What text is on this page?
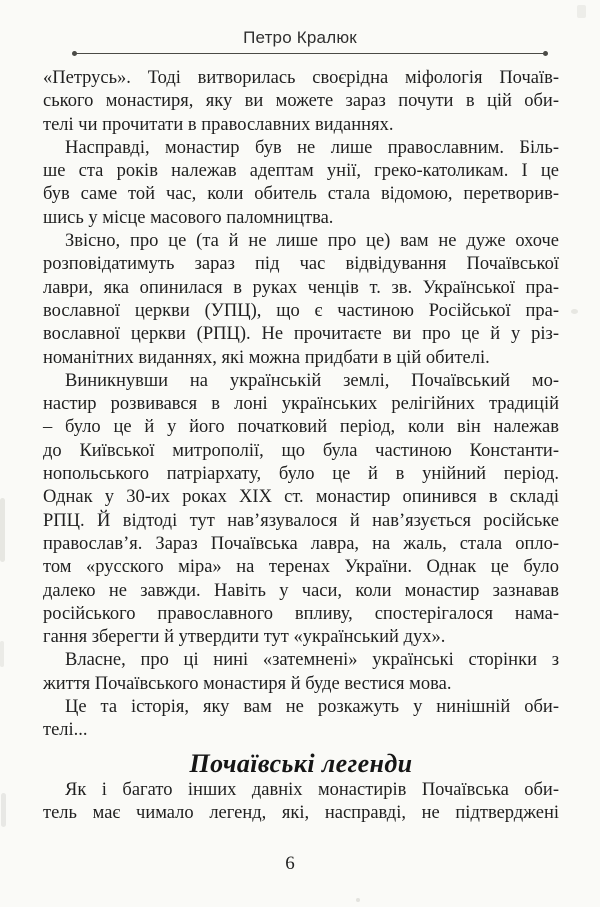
Петро Кралюк
«Петрусь». Тоді витворилась своєрідна міфологія Почаїв-
ського монастиря, яку ви можете зараз почути в цій оби-
телі чи прочитати в православних виданнях.
Насправді, монастир був не лише православним. Біль-
ше ста років належав адептам унії, греко-католикам. І це
був саме той час, коли обитель стала відомою, перетворив-
шись у місце масового паломництва.
Звісно, про це (та й не лише про це) вам не дуже охоче
розповідатимуть зараз під час відвідування Почаївської
лаври, яка опинилася в руках ченців т. зв. Української пра-
вославної церкви (УПЦ), що є частиною Російської пра-
вославної церкви (РПЦ). Не прочитаєте ви про це й у різ-
номанітних виданнях, які можна придбати в цій обителі.
Виникнувши на українській землі, Почаївський мо-
настир розвивався в лоні українських релігійних традицій
– було це й у його початковий період, коли він належав
до Київської митрополії, що була частиною Константи-
нопольського патріархату, було це й в унійний період.
Однак у 30-их роках XIX ст. монастир опинився в складі
РПЦ. Й відтоді тут нав’язувалося й нав’язується російське
православ’я. Зараз Почаївська лавра, на жаль, стала опло-
том «русского міра» на теренах України. Однак це було
далеко не завжди. Навіть у часи, коли монастир зазнавав
російського православного впливу, спостерігалося нама-
гання зберегти й утвердити тут «український дух».
Власне, про ці нині «затемнені» українські сторінки з
життя Почаївського монастиря й буде вестися мова.
Це та історія, яку вам не розкажуть у нинішній оби-
телі...
Почаївські легенди
Як і багато інших давніх монастирів Почаївська оби-
тель має чимало легенд, які, насправді, не підтверджені
6
